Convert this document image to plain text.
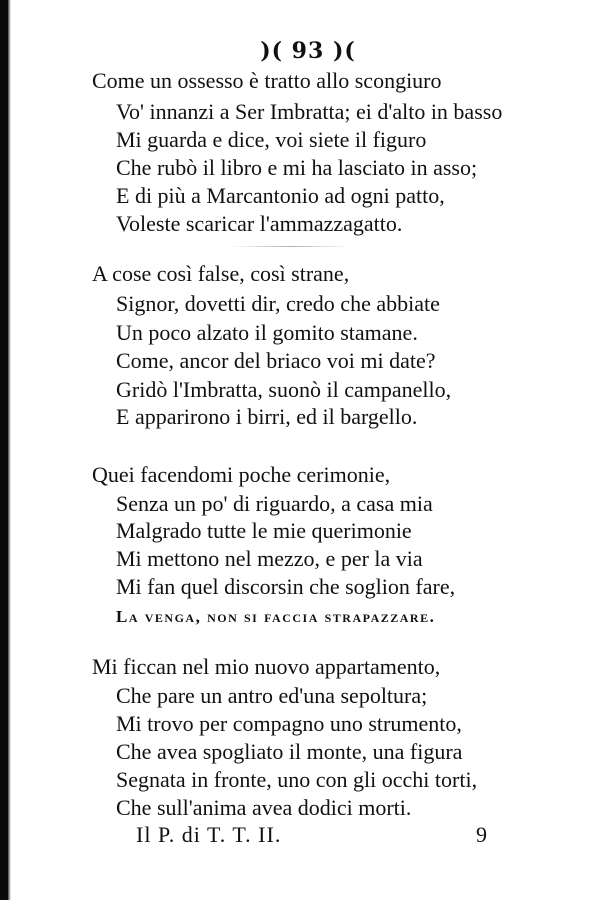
)( 93 )(
Come un ossesso è tratto allo scongiuro
Vo' innanzi a Ser Imbratta; ei d'alto in basso
Mi guarda e dice, voi siete il figuro
Che rubò il libro e mi ha lasciato in asso;
E di più a Marcantonio ad ogni patto,
Voleste scaricar l'ammazzagatto.
A cose così false, così strane,
Signor, dovetti dir, credo che abbiate
Un poco alzato il gomito stamane.
Come, ancor del briaco voi mi date?
Gridò l'Imbratta, suonò il campanello,
E apparirono i birri, ed il bargello.
Quei facendomi poche cerimonie,
Senza un po' di riguardo, a casa mia
Malgrado tutte le mie querimonie
Mi mettono nel mezzo, e per la via
Mi fan quel discorsin che soglion fare,
La venga, non si faccia strapazzare.
Mi ficcan nel mio nuovo appartamento,
Che pare un antro ed'una sepoltura;
Mi trovo per compagno uno strumento,
Che avea spogliato il monte, una figura
Segnata in fronte, uno con gli occhi torti,
Che sull'anima avea dodici morti.
Il P. di T. T. II.	9
